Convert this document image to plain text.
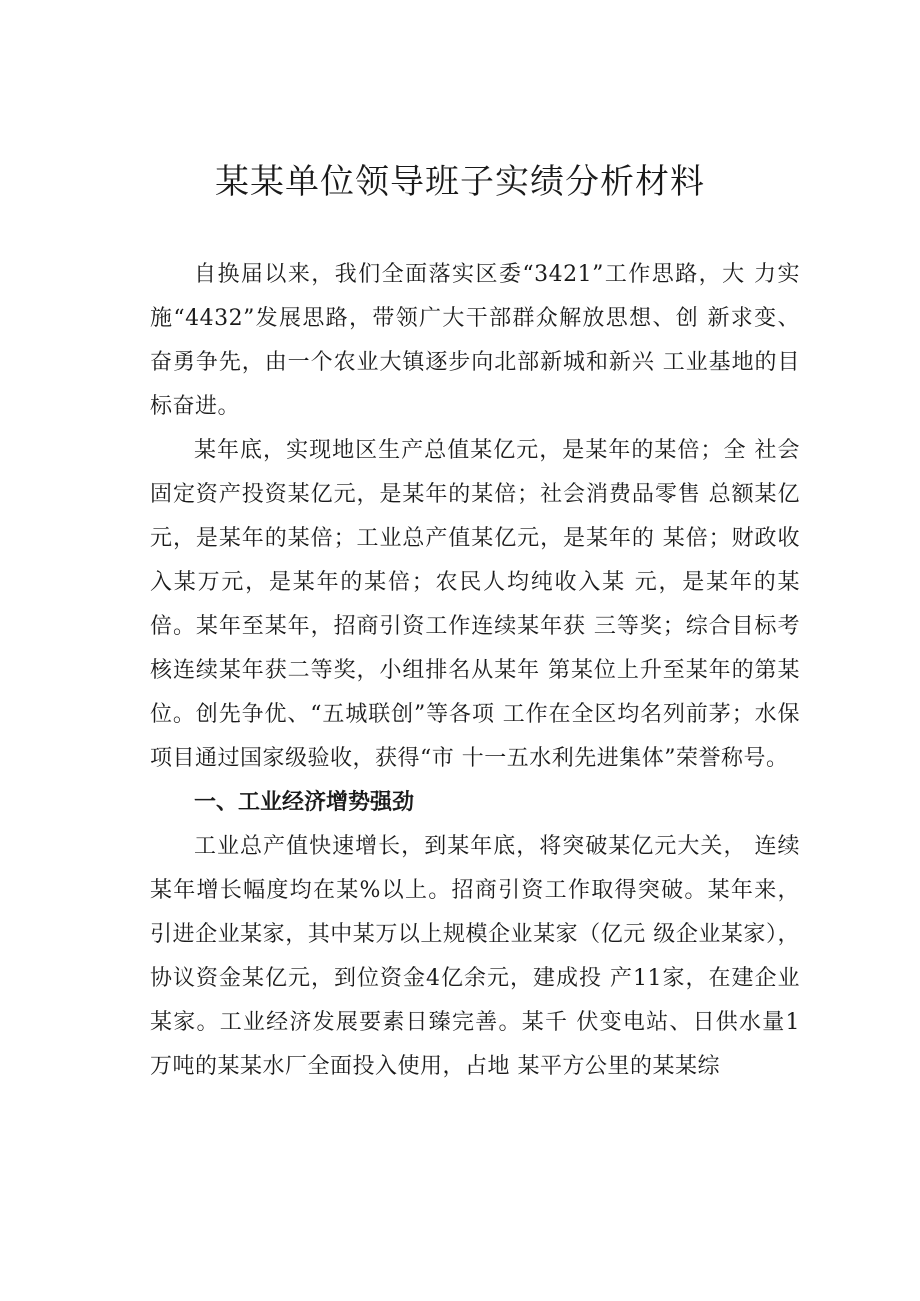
某某单位领导班子实绩分析材料

自换届以来，我们全面落实区委“3421”工作思路，大 力实施“4432”发展思路，带领广大干部群众解放思想、创 新求变、奋勇争先，由一个农业大镇逐步向北部新城和新兴 工业基地的目标奋进。

某年底，实现地区生产总值某亿元，是某年的某倍；全 社会固定资产投资某亿元，是某年的某倍；社会消费品零售 总额某亿元，是某年的某倍；工业总产值某亿元，是某年的 某倍；财政收入某万元，是某年的某倍；农民人均纯收入某 元，是某年的某倍。某年至某年，招商引资工作连续某年获 三等奖；综合目标考核连续某年获二等奖，小组排名从某年 第某位上升至某年的第某位。创先争优、“五城联创”等各项 工作在全区均名列前茅；水保项目通过国家级验收，获得“市 十一五水利先进集体”荣誉称号。

一、工业经济增势强劲

工业总产值快速增长，到某年底，将突破某亿元大关， 连续某年增长幅度均在某%以上。招商引资工作取得突破。某年来，引进企业某家，其中某万以上规模企业某家（亿元 级企业某家），协议资金某亿元，到位资金4亿余元，建成投 产11家，在建企业某家。工业经济发展要素日臻完善。某千 伏变电站、日供水量1万吨的某某水厂全面投入使用，占地 某平方公里的某某综
